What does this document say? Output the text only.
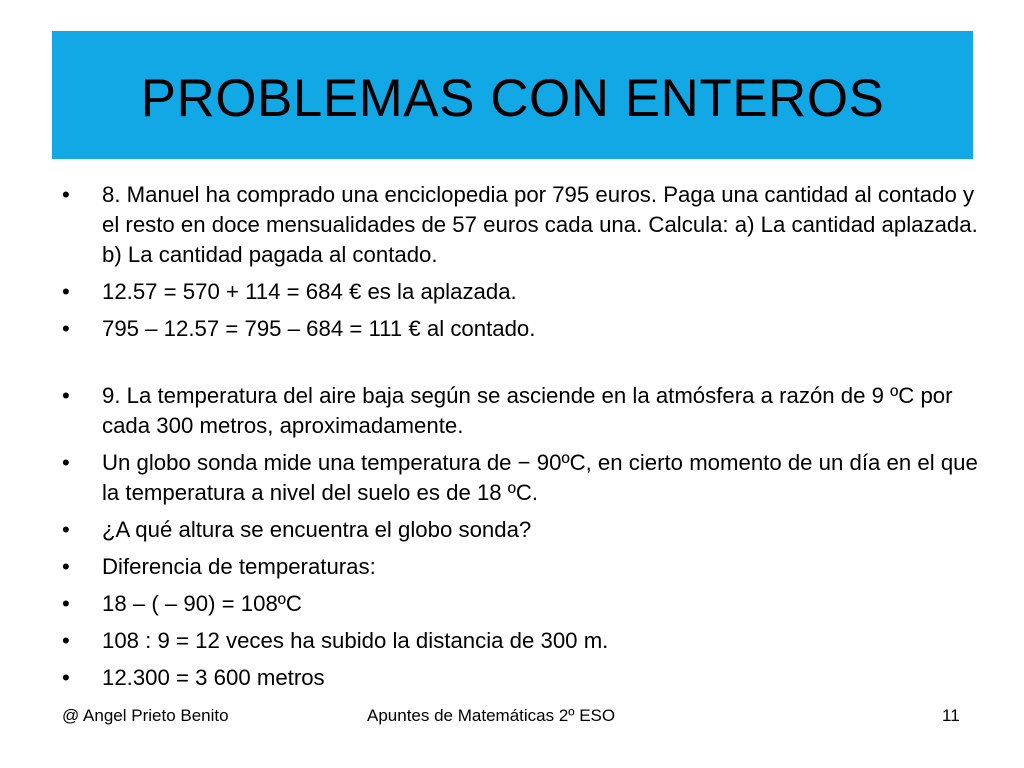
PROBLEMAS CON ENTEROS
• 8. Manuel ha comprado una enciclopedia por 795 euros. Paga una cantidad al contado y el resto en doce mensualidades de 57 euros cada una. Calcula: a) La cantidad aplazada. b) La cantidad pagada al contado.
• 12.57 = 570 + 114 = 684 € es la aplazada.
• 795 – 12.57 = 795 – 684 = 111 € al contado.
• 9. La temperatura del aire baja según se asciende en la atmósfera a razón de 9 ºC por cada 300 metros, aproximadamente.
• Un globo sonda mide una temperatura de − 90ºC, en cierto momento de un día en el que la temperatura a nivel del suelo es de 18 ºC.
• ¿A qué altura se encuentra el globo sonda?
• Diferencia de temperaturas:
• 18 – ( – 90) = 108ºC
• 108 : 9 = 12 veces ha subido la distancia de 300 m.
• 12.300 = 3 600 metros
@ Angel Prieto Benito	Apuntes de Matemáticas 2º ESO	11
